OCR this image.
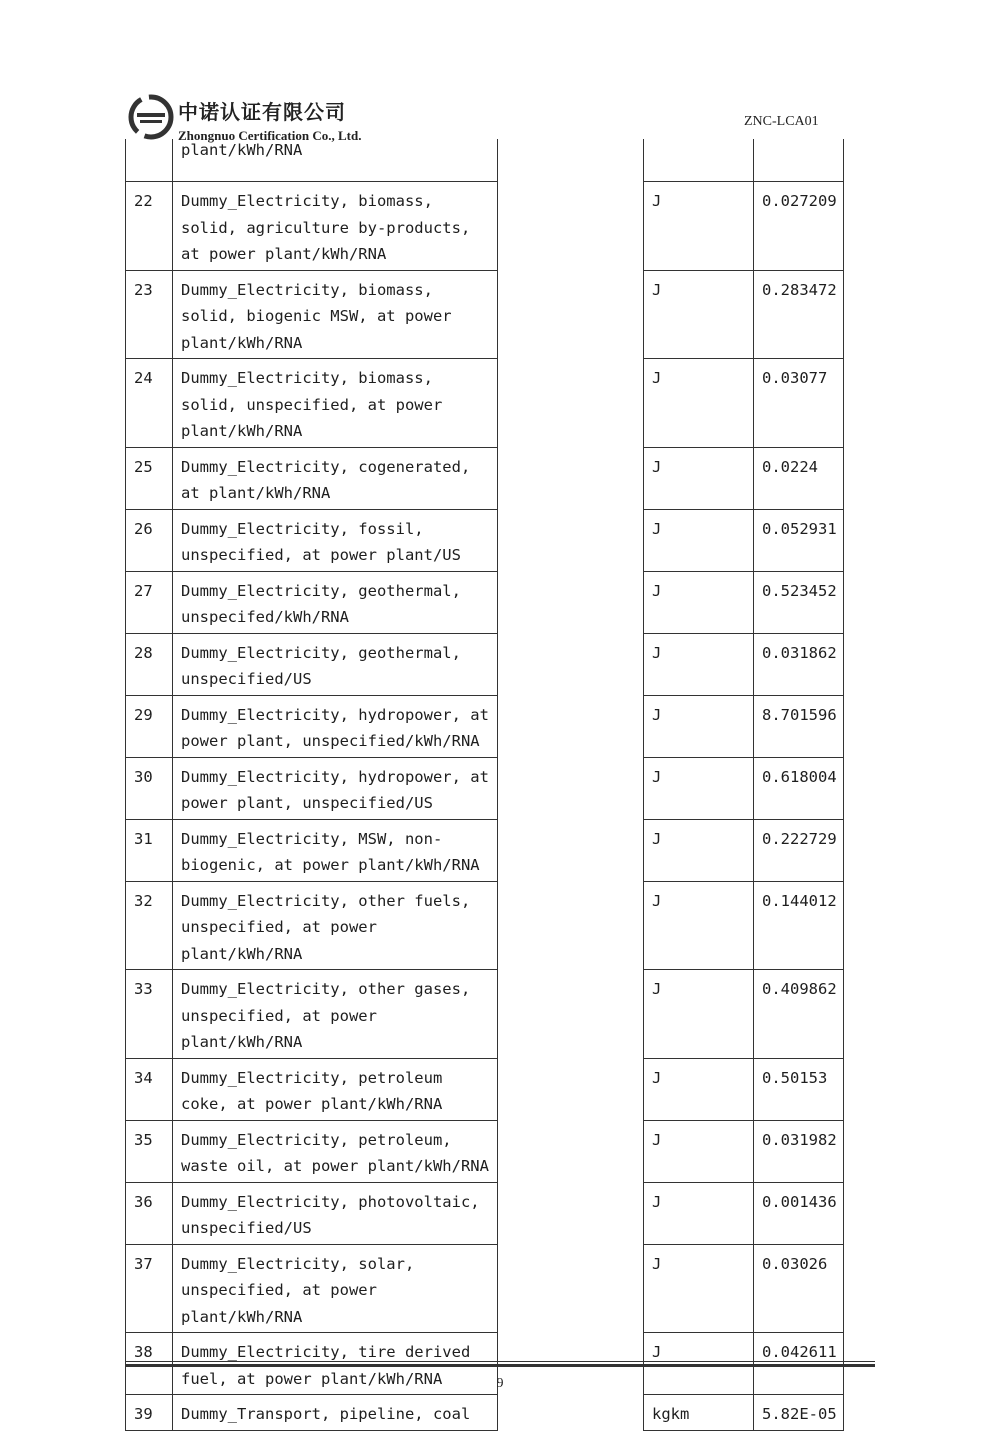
中诺认证有限公司
Zhongnuo Certification Co., Ltd.
ZNC-LCA01
	plant/kWh/RNA			
22	Dummy_Electricity, biomass, solid, agriculture by-products, at power plant/kWh/RNA		J	0.027209
23	Dummy_Electricity, biomass, solid, biogenic MSW, at power plant/kWh/RNA		J	0.283472
24	Dummy_Electricity, biomass, solid, unspecified, at power plant/kWh/RNA		J	0.03077
25	Dummy_Electricity, cogenerated, at plant/kWh/RNA		J	0.0224
26	Dummy_Electricity, fossil, unspecified, at power plant/US		J	0.052931
27	Dummy_Electricity, geothermal, unspecifed/kWh/RNA		J	0.523452
28	Dummy_Electricity, geothermal, unspecified/US		J	0.031862
29	Dummy_Electricity, hydropower, at power plant, unspecified/kWh/RNA		J	8.701596
30	Dummy_Electricity, hydropower, at power plant, unspecified/US		J	0.618004
31	Dummy_Electricity, MSW, non-biogenic, at power plant/kWh/RNA		J	0.222729
32	Dummy_Electricity, other fuels, unspecified, at power plant/kWh/RNA		J	0.144012
33	Dummy_Electricity, other gases, unspecified, at power plant/kWh/RNA		J	0.409862
34	Dummy_Electricity, petroleum coke, at power plant/kWh/RNA		J	0.50153
35	Dummy_Electricity, petroleum, waste oil, at power plant/kWh/RNA		J	0.031982
36	Dummy_Electricity, photovoltaic, unspecified/US		J	0.001436
37	Dummy_Electricity, solar, unspecified, at power plant/kWh/RNA		J	0.03026
38	Dummy_Electricity, tire derived fuel, at power plant/kWh/RNA		J	0.042611
39	Dummy_Transport, pipeline, coal		kgkm	5.82E-05
9
